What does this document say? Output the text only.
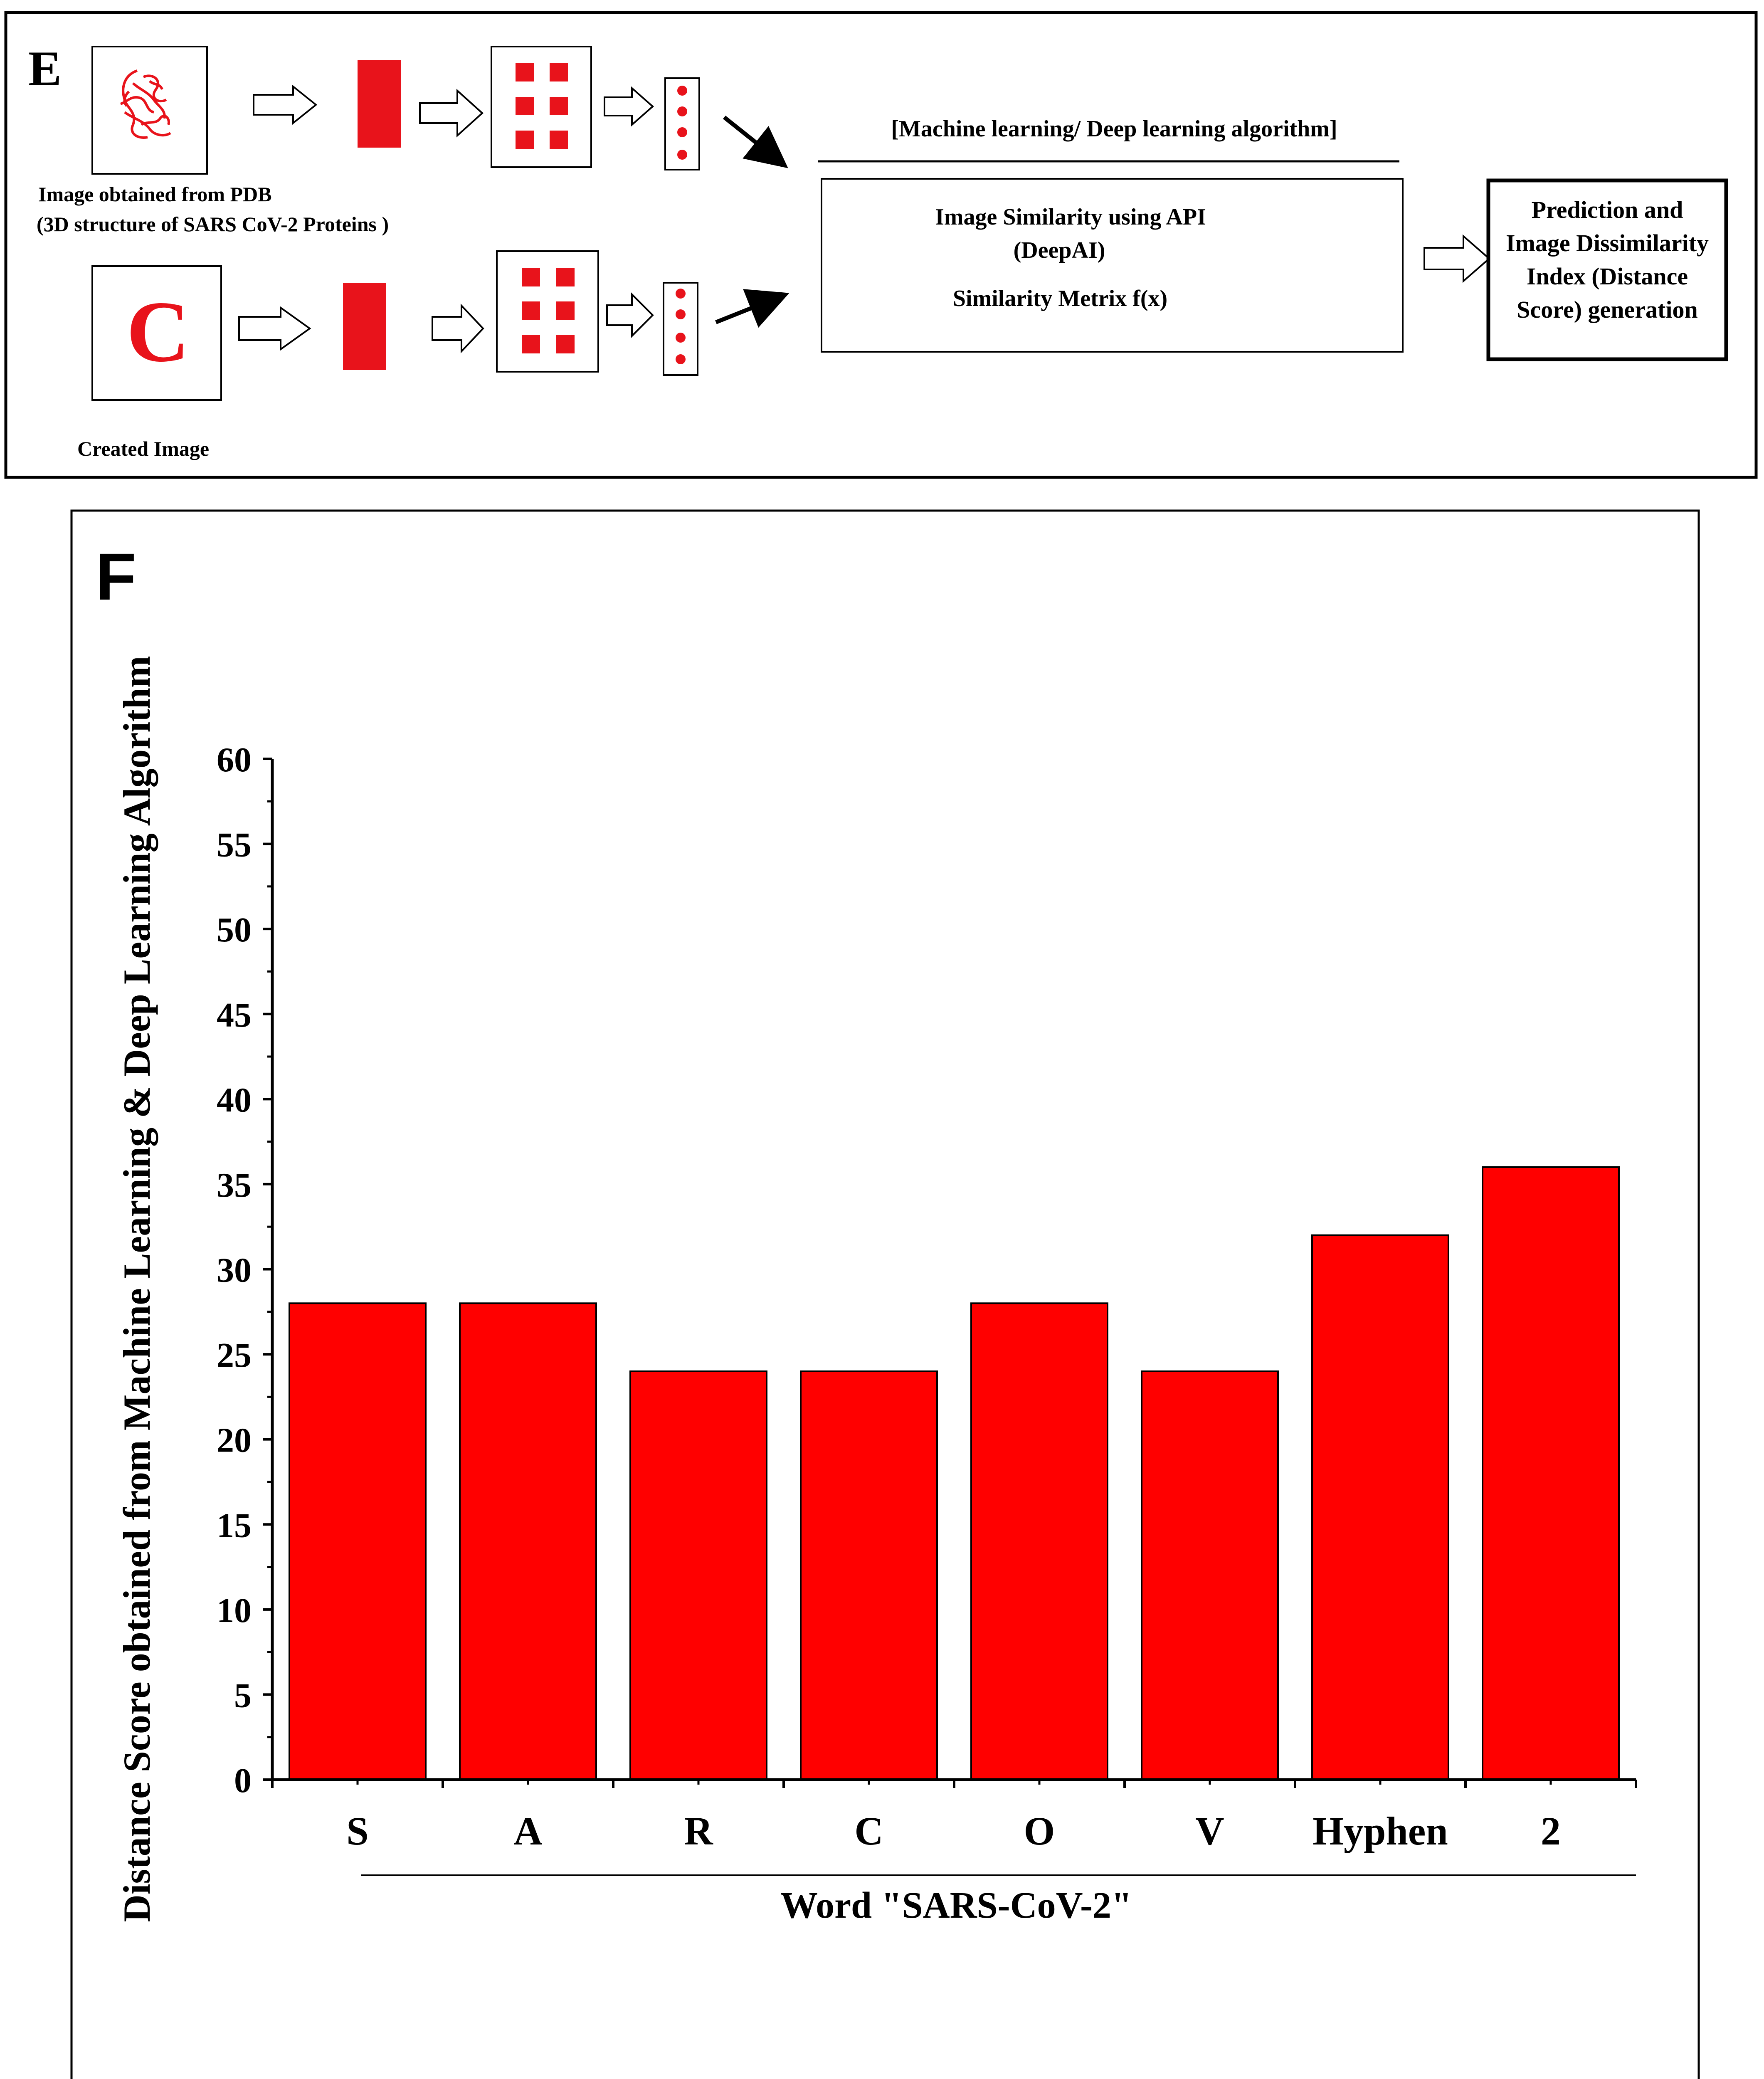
E
Image obtained from PDB
(3D structure of SARS CoV-2 Proteins )
C
Created Image
[Machine learning/ Deep learning algorithm]
Image Similarity using API
(DeepAI)
Similarity Metrix f(x)
Prediction and
Image Dissimilarity
Index (Distance
Score) generation
F
0
5
10
15
20
25
30
35
40
45
50
55
60
S	A	R	C	O	V Hyphen 2
Word "SARS-CoV-2"
Distance Score obtained from Machine Learning & Deep Learning Algorithm
